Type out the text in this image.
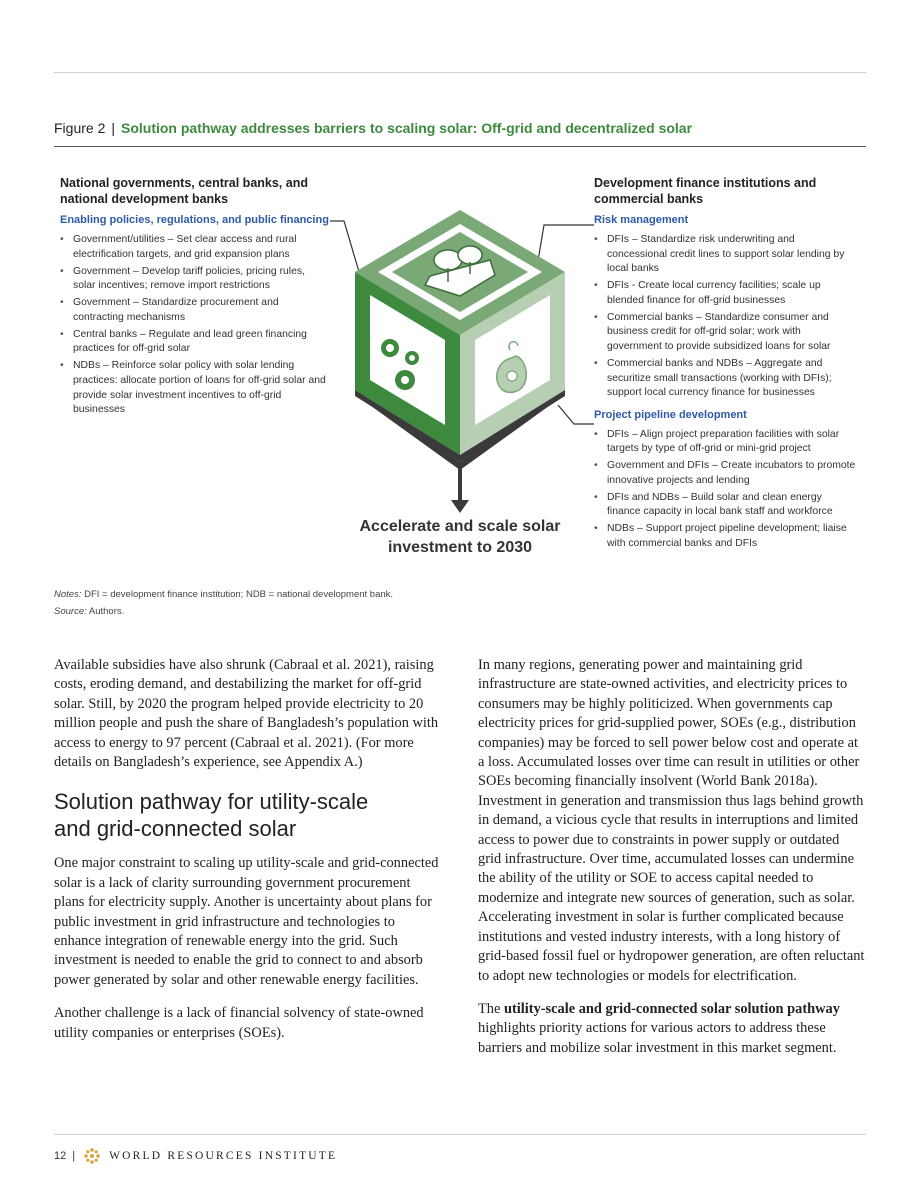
Figure 2 | Solution pathway addresses barriers to scaling solar: Off-grid and decentralized solar
National governments, central banks, and national development banks
Enabling policies, regulations, and public financing
• Government/utilities – Set clear access and rural electrification targets, and grid expansion plans
• Government – Develop tariff policies, pricing rules, solar incentives; remove import restrictions
• Government – Standardize procurement and contracting mechanisms
• Central banks – Regulate and lead green financing practices for off-grid solar
• NDBs – Reinforce solar policy with solar lending practices: allocate portion of loans for off-grid solar and provide solar investment incentives to off-grid businesses
Development finance institutions and commercial banks
Risk management
• DFIs – Standardize risk underwriting and concessional credit lines to support solar lending by local banks
• DFIs - Create local currency facilities; scale up blended finance for off-grid businesses
• Commercial banks – Standardize consumer and business credit for off-grid solar; work with government to provide subsidized loans for solar
• Commercial banks and NDBs – Aggregate and securitize small transactions (working with DFIs); support local currency finance for businesses
Project pipeline development
• DFIs – Align project preparation facilities with solar targets by type of off-grid or mini-grid project
• Government and DFIs – Create incubators to promote innovative projects and lending
• DFIs and NDBs – Build solar and clean energy finance capacity in local bank staff and workforce
• NDBs – Support project pipeline development; liaise with commercial banks and DFIs
Accelerate and scale solar investment to 2030
Notes: DFI = development finance institution; NDB = national development bank.
Source: Authors.

Available subsidies have also shrunk (Cabraal et al. 2021), raising costs, eroding demand, and destabilizing the market for off-grid solar. Still, by 2020 the program helped provide electricity to 20 million people and push the share of Bangladesh’s population with access to energy to 97 percent (Cabraal et al. 2021). (For more details on Bangladesh’s experience, see Appendix A.)

Solution pathway for utility-scale and grid-connected solar

One major constraint to scaling up utility-scale and grid-connected solar is a lack of clarity surrounding government procurement plans for electricity supply. Another is uncertainty about plans for public investment in grid infrastructure and technologies to enhance integration of renewable energy into the grid. Such investment is needed to enable the grid to connect to and absorb power generated by solar and other renewable energy facilities.

Another challenge is a lack of financial solvency of state-owned utility companies or enterprises (SOEs).

In many regions, generating power and maintaining grid infrastructure are state-owned activities, and electricity prices to consumers may be highly politicized. When governments cap electricity prices for grid-supplied power, SOEs (e.g., distribution companies) may be forced to sell power below cost and operate at a loss. Accumulated losses over time can result in utilities or other SOEs becoming financially insolvent (World Bank 2018a). Investment in generation and transmission thus lags behind growth in demand, a vicious cycle that results in interruptions and limited access to power due to constraints in power supply or outdated grid infrastructure. Over time, accumulated losses can undermine the ability of the utility or SOE to access capital needed to modernize and integrate new sources of generation, such as solar. Accelerating investment in solar is further complicated because institutions and vested industry interests, with a long history of grid-based fossil fuel or hydropower generation, are often reluctant to adopt new technologies or models for electrification.

The utility-scale and grid-connected solar solution pathway highlights priority actions for various actors to address these barriers and mobilize solar investment in this market segment.

12 |	WORLD RESOURCES INSTITUTE
